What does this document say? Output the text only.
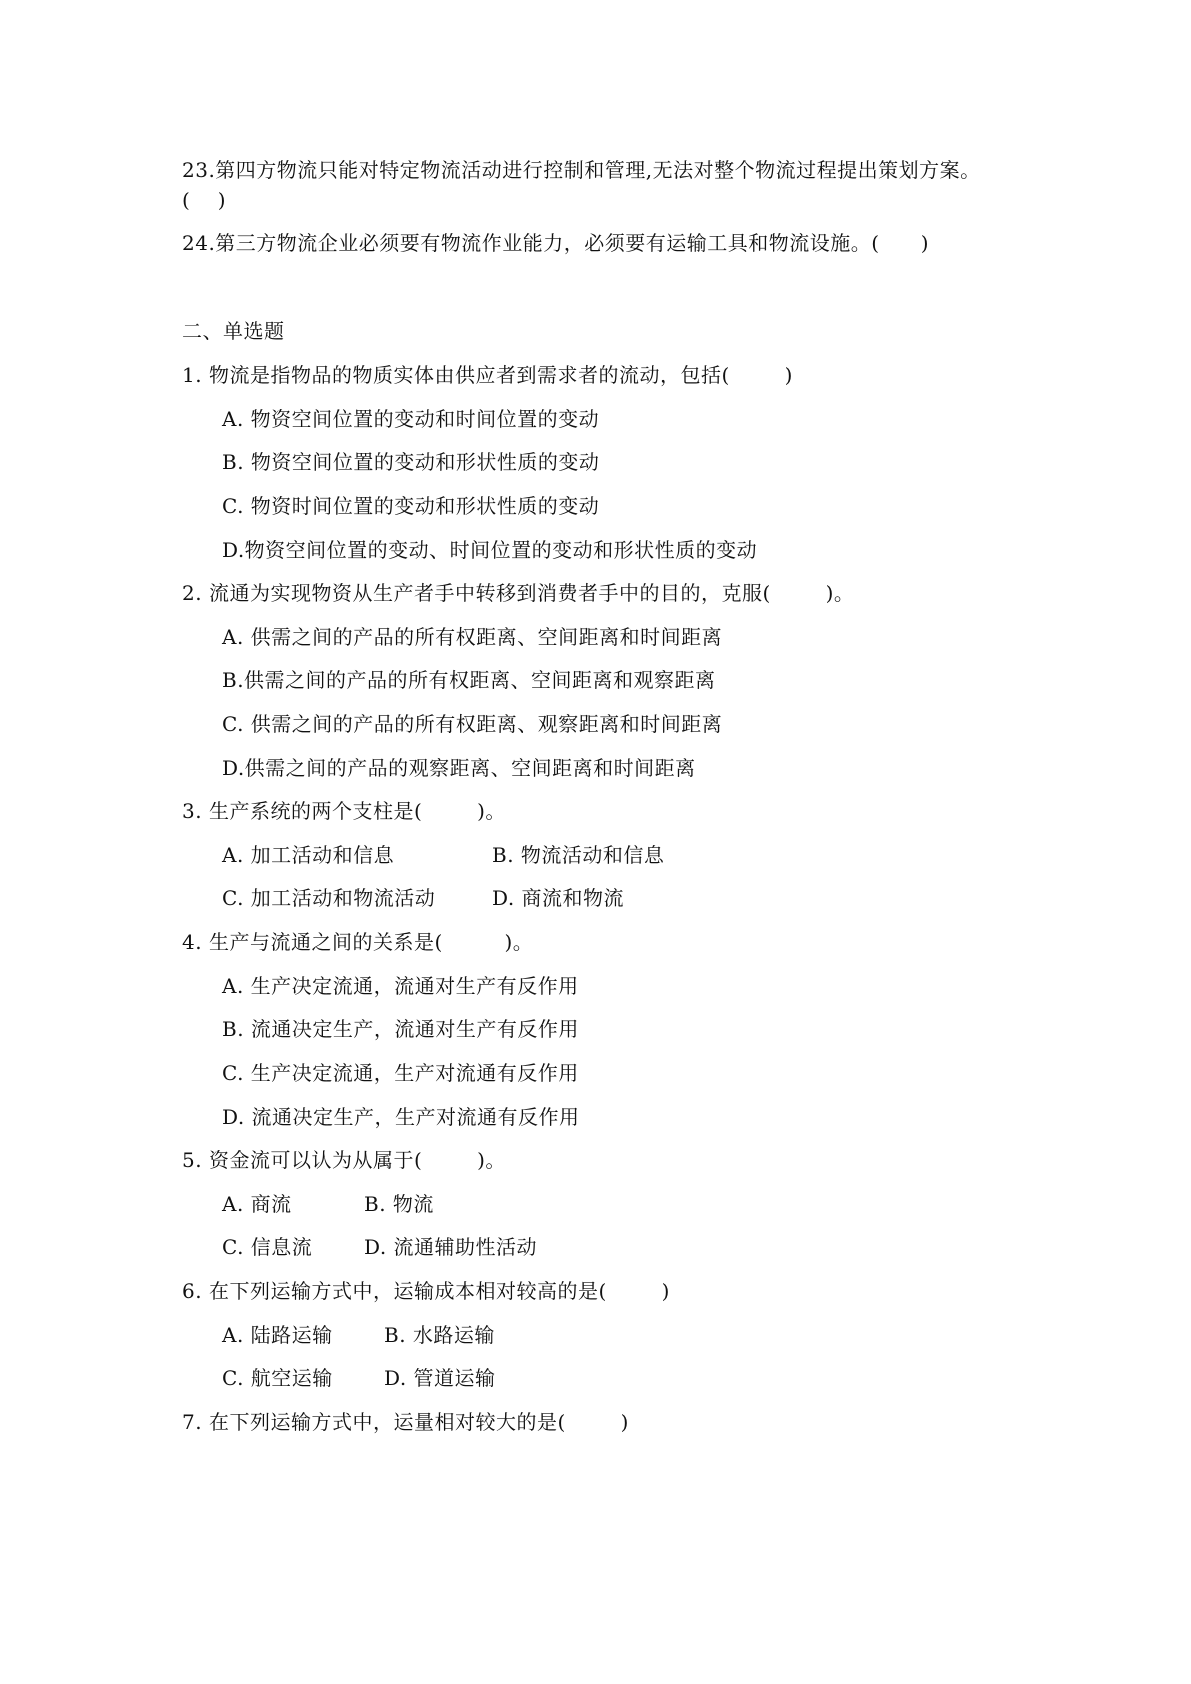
23.第四方物流只能对特定物流活动进行控制和管理,无法对整个物流过程提出策划方案。
(    )
24.第三方物流企业必须要有物流作业能力，必须要有运输工具和物流设施。(      )
二、单选题
1. 物流是指物品的物质实体由供应者到需求者的流动，包括(        )
A. 物资空间位置的变动和时间位置的变动
B. 物资空间位置的变动和形状性质的变动
C. 物资时间位置的变动和形状性质的变动
D.物资空间位置的变动、时间位置的变动和形状性质的变动
2. 流通为实现物资从生产者手中转移到消费者手中的目的，克服(        )。
A. 供需之间的产品的所有权距离、空间距离和时间距离
B.供需之间的产品的所有权距离、空间距离和观察距离
C. 供需之间的产品的所有权距离、观察距离和时间距离
D.供需之间的产品的观察距离、空间距离和时间距离
3. 生产系统的两个支柱是(        )。
A. 加工活动和信息	B. 物流活动和信息
C. 加工活动和物流活动	D. 商流和物流
4. 生产与流通之间的关系是(         )。
A. 生产决定流通，流通对生产有反作用
B. 流通决定生产，流通对生产有反作用
C. 生产决定流通，生产对流通有反作用
D. 流通决定生产，生产对流通有反作用
5. 资金流可以认为从属于(        )。
A. 商流	B. 物流
C. 信息流	D. 流通辅助性活动
6. 在下列运输方式中，运输成本相对较高的是(        )
A. 陆路运输	B. 水路运输
C. 航空运输	D. 管道运输
7. 在下列运输方式中，运量相对较大的是(        )
